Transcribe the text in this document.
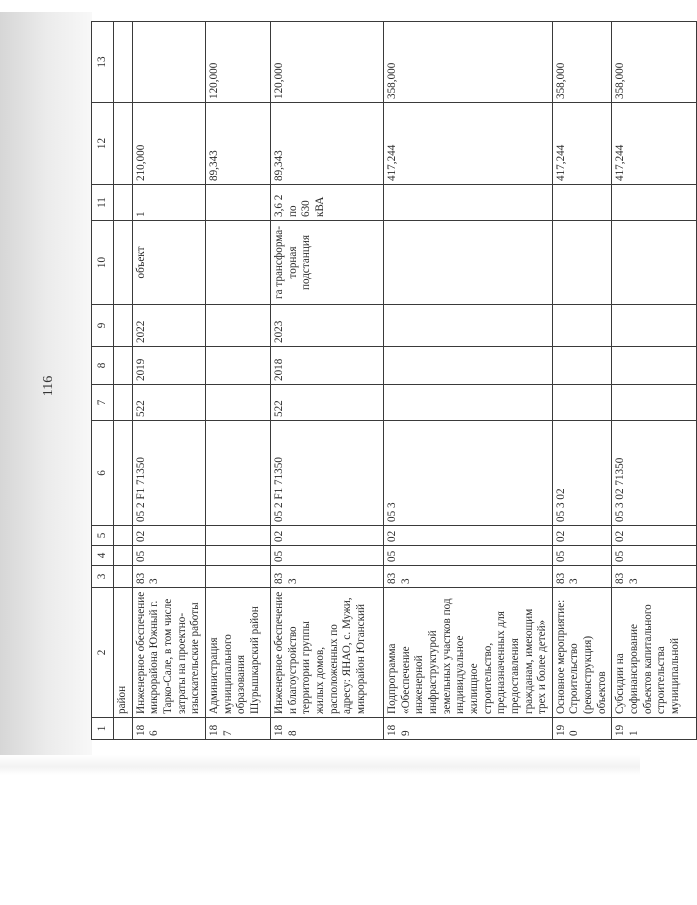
116
1	2	3	4	5	6	7	8	9	10	11	12	13
	район											
186	Инженерное обеспечение микрорайона Южный г. Тарко-Сале, в том числе затраты на проектно-изыскательские работы	833	05	02	05 2 F1 71350	522	2019	2022	объект	1	210,000	
187	Администрация муниципального образования Шурышкарский район										89,343	120,000
188	Инженерное обеспечение и благоустройство территории группы жилых домов, расположенных по адресу: ЯНАО, с. Мужи, микрорайон Юганский	833	05	02	05 2 F1 71350	522	2018	2023	га трансформа-торная подстанция	3,6 2 по 630 кВА	89,343	120,000
189	Подпрограмма «Обеспечение инженерной инфраструктурой земельных участков под индивидуальное жилищное строительство, предназначенных для предоставления гражданам, имеющим трех и более детей»	833	05	02	05 3						417,244	358,000
190	Основное мероприятие: Строительство (реконструкция) объектов	833	05	02	05 3 02						417,244	358,000
191	Субсидии на софинансирование объектов капитального строительства муниципальной	833	05	02	05 3 02 71350						417,244	358,000
